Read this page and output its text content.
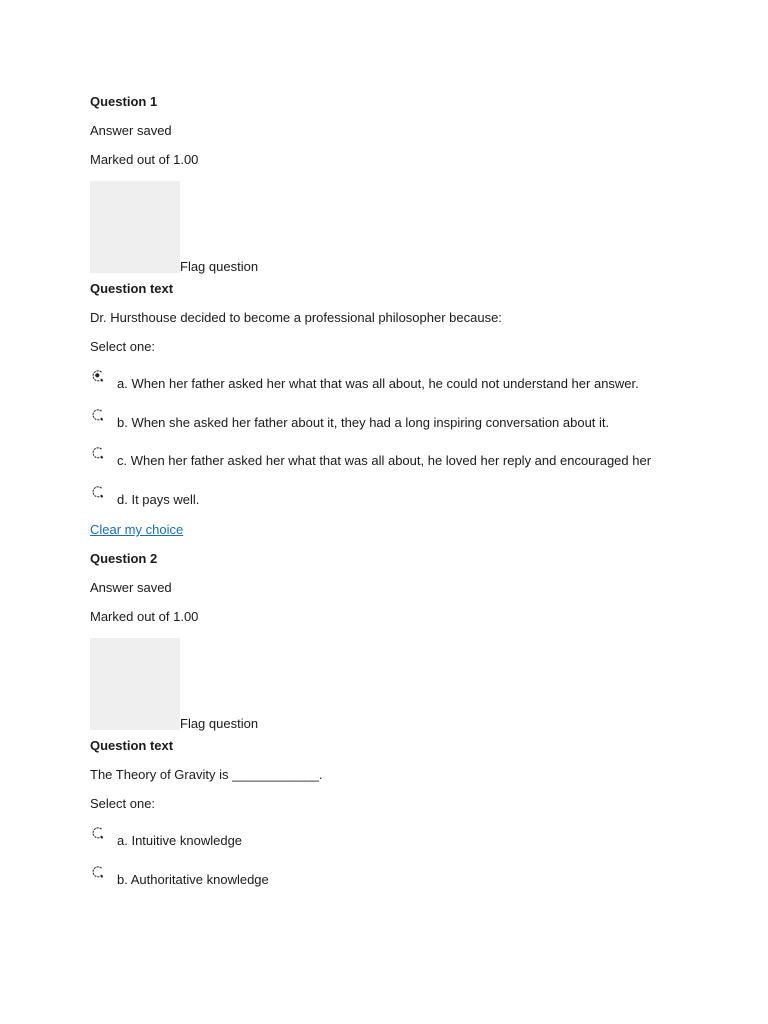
Question 1
Answer saved
Marked out of 1.00
Flag question
Question text
Dr. Hursthouse decided to become a professional philosopher because:
Select one:
a. When her father asked her what that was all about, he could not understand her answer.
b. When she asked her father about it, they had a long inspiring conversation about it.
c. When her father asked her what that was all about, he loved her reply and encouraged her
d. It pays well.
Clear my choice
Question 2
Answer saved
Marked out of 1.00
Flag question
Question text
The Theory of Gravity is ____________.
Select one:
a. Intuitive knowledge
b. Authoritative knowledge
